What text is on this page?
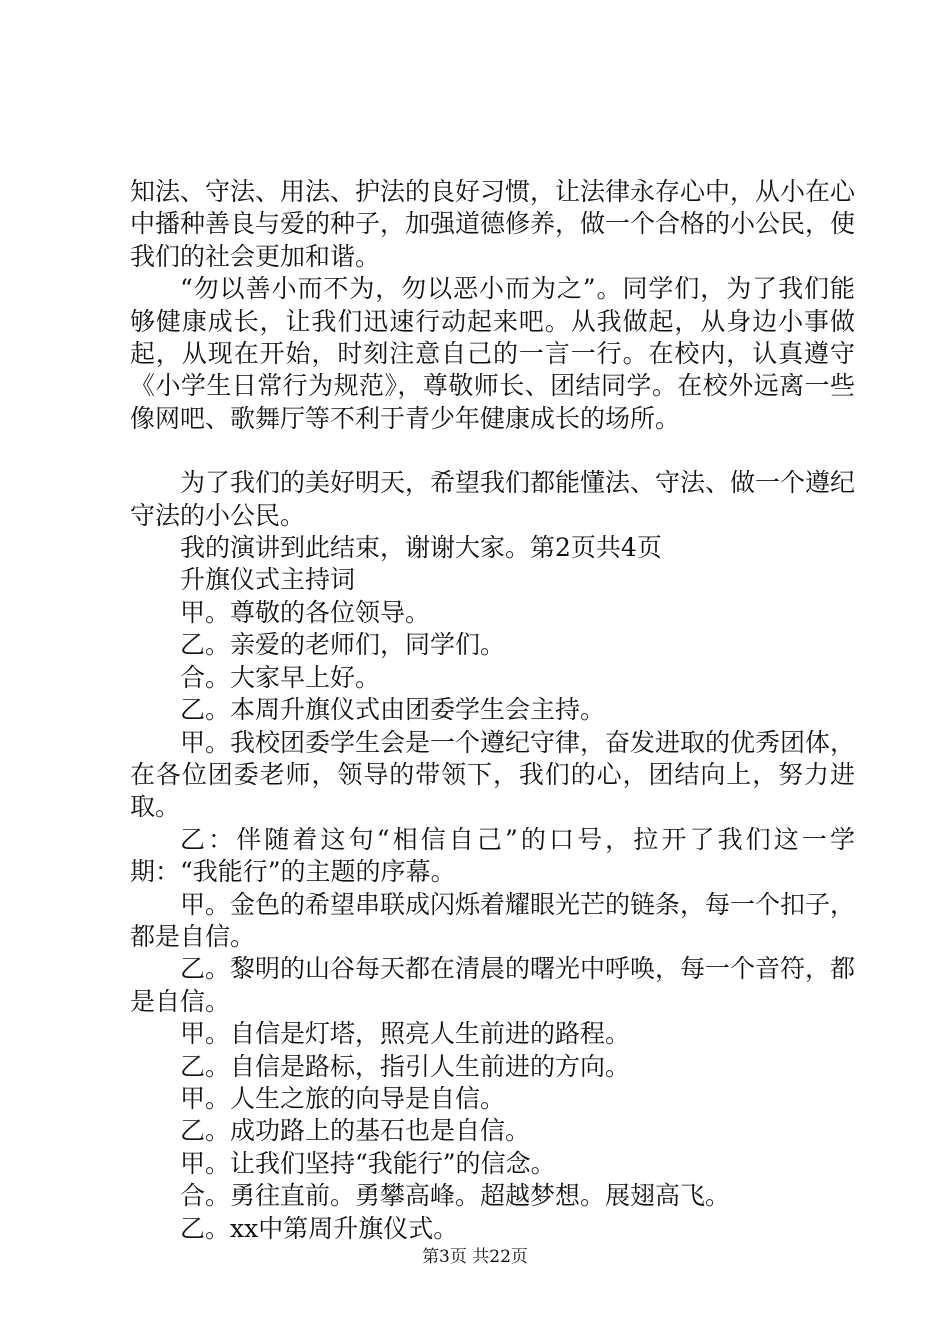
知法、守法、用法、护法的良好习惯，让法律永存心中，从小在心中播种善良与爱的种子，加强道德修养，做一个合格的小公民，使我们的社会更加和谐。

“勿以善小而不为，勿以恶小而为之”。同学们，为了我们能够健康成长，让我们迅速行动起来吧。从我做起，从身边小事做起，从现在开始，时刻注意自己的一言一行。在校内，认真遵守《小学生日常行为规范》，尊敬师长、团结同学。在校外远离一些像网吧、歌舞厅等不利于青少年健康成长的场所。

为了我们的美好明天，希望我们都能懂法、守法、做一个遵纪守法的小公民。

我的演讲到此结束，谢谢大家。第2页共4页

升旗仪式主持词

甲。尊敬的各位领导。

乙。亲爱的老师们，同学们。

合。大家早上好。

乙。本周升旗仪式由团委学生会主持。

甲。我校团委学生会是一个遵纪守律，奋发进取的优秀团体，在各位团委老师，领导的带领下，我们的心，团结向上，努力进取。

乙：伴随着这句“相信自己”的口号，拉开了我们这一学期：“我能行”的主题的序幕。

甲。金色的希望串联成闪烁着耀眼光芒的链条，每一个扣子，都是自信。

乙。黎明的山谷每天都在清晨的曙光中呼唤，每一个音符，都是自信。

甲。自信是灯塔，照亮人生前进的路程。

乙。自信是路标，指引人生前进的方向。

甲。人生之旅的向导是自信。

乙。成功路上的基石也是自信。

甲。让我们坚持“我能行”的信念。

合。勇往直前。勇攀高峰。超越梦想。展翅高飞。

乙。xx中第周升旗仪式。

第3页 共22页
